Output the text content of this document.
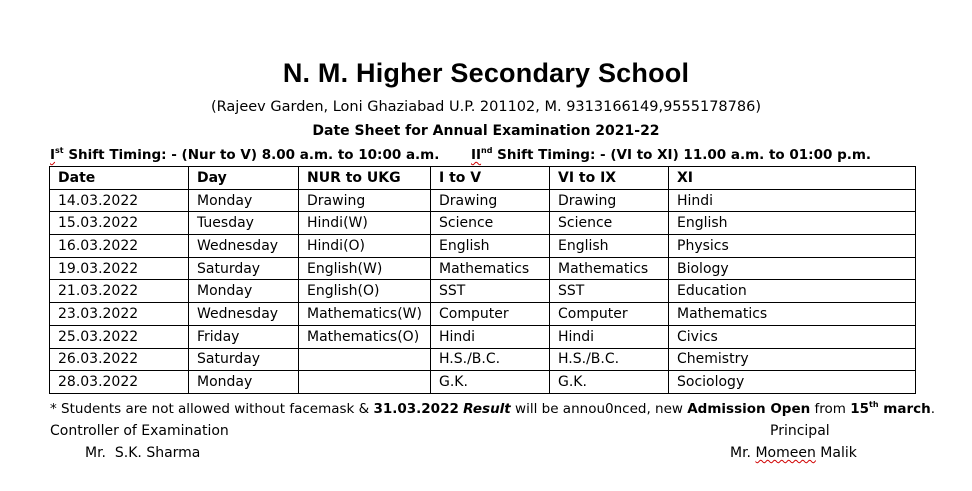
N. M. Higher Secondary School
(Rajeev Garden, Loni Ghaziabad U.P. 201102, M. 9313166149,9555178786)
Date Sheet for Annual Examination 2021-22
Ist Shift Timing: - (Nur to V) 8.00 a.m. to 10:00 a.m. IInd Shift Timing: - (VI to XI) 11.00 a.m. to 01:00 p.m.
Date	Day	NUR to UKG	I to V	VI to IX	XI
14.03.2022	Monday	Drawing	Drawing	Drawing	Hindi
15.03.2022	Tuesday	Hindi(W)	Science	Science	English
16.03.2022	Wednesday	Hindi(O)	English	English	Physics
19.03.2022	Saturday	English(W)	Mathematics	Mathematics	Biology
21.03.2022	Monday	English(O)	SST	SST	Education
23.03.2022	Wednesday	Mathematics(W)	Computer	Computer	Mathematics
25.03.2022	Friday	Mathematics(O)	Hindi	Hindi	Civics
26.03.2022	Saturday		H.S./B.C.	H.S./B.C.	Chemistry
28.03.2022	Monday		G.K.	G.K.	Sociology
* Students are not allowed without facemask & 31.03.2022 Result will be annou0nced, new Admission Open from 15th march.
Controller of Examination	Principal
Mr.  S.K. Sharma	Mr. Momeen Malik
